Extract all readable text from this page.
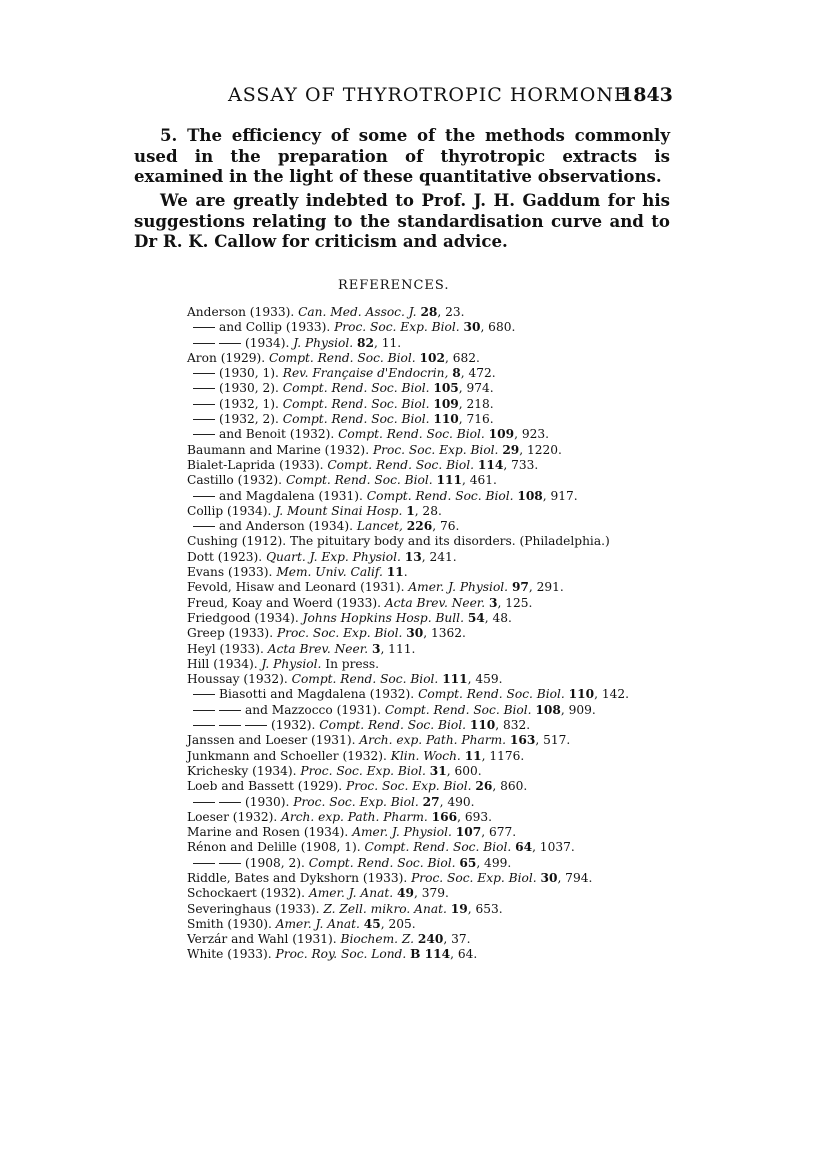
ASSAY OF THYROTROPIC HORMONE
1843

5. The efficiency of some of the methods commonly used in the preparation of thyrotropic extracts is examined in the light of these quantitative observations.

We are greatly indebted to Prof. J. H. Gaddum for his suggestions relating to the standardisation curve and to Dr R. K. Callow for criticism and advice.

REFERENCES.
Anderson (1933). Can. Med. Assoc. J. 28, 23.
and Collip (1933). Proc. Soc. Exp. Biol. 30, 680.
(1934). J. Physiol. 82, 11.
Aron (1929). Compt. Rend. Soc. Biol. 102, 682.
(1930, 1). Rev. Française d'Endocrin, 8, 472.
(1930, 2). Compt. Rend. Soc. Biol. 105, 974.
(1932, 1). Compt. Rend. Soc. Biol. 109, 218.
(1932, 2). Compt. Rend. Soc. Biol. 110, 716.
and Benoit (1932). Compt. Rend. Soc. Biol. 109, 923.
Baumann and Marine (1932). Proc. Soc. Exp. Biol. 29, 1220.
Bialet-Laprida (1933). Compt. Rend. Soc. Biol. 114, 733.
Castillo (1932). Compt. Rend. Soc. Biol. 111, 461.
and Magdalena (1931). Compt. Rend. Soc. Biol. 108, 917.
Collip (1934). J. Mount Sinai Hosp. 1, 28.
and Anderson (1934). Lancet, 226, 76.
Cushing (1912). The pituitary body and its disorders. (Philadelphia.)
Dott (1923). Quart. J. Exp. Physiol. 13, 241.
Evans (1933). Mem. Univ. Calif. 11.
Fevold, Hisaw and Leonard (1931). Amer. J. Physiol. 97, 291.
Freud, Koay and Woerd (1933). Acta Brev. Neer. 3, 125.
Friedgood (1934). Johns Hopkins Hosp. Bull. 54, 48.
Greep (1933). Proc. Soc. Exp. Biol. 30, 1362.
Heyl (1933). Acta Brev. Neer. 3, 111.
Hill (1934). J. Physiol. In press.
Houssay (1932). Compt. Rend. Soc. Biol. 111, 459.
Biasotti and Magdalena (1932). Compt. Rend. Soc. Biol. 110, 142.
and Mazzocco (1931). Compt. Rend. Soc. Biol. 108, 909.
(1932). Compt. Rend. Soc. Biol. 110, 832.
Janssen and Loeser (1931). Arch. exp. Path. Pharm. 163, 517.
Junkmann and Schoeller (1932). Klin. Woch. 11, 1176.
Krichesky (1934). Proc. Soc. Exp. Biol. 31, 600.
Loeb and Bassett (1929). Proc. Soc. Exp. Biol. 26, 860.
(1930). Proc. Soc. Exp. Biol. 27, 490.
Loeser (1932). Arch. exp. Path. Pharm. 166, 693.
Marine and Rosen (1934). Amer. J. Physiol. 107, 677.
Rénon and Delille (1908, 1). Compt. Rend. Soc. Biol. 64, 1037.
(1908, 2). Compt. Rend. Soc. Biol. 65, 499.
Riddle, Bates and Dykshorn (1933). Proc. Soc. Exp. Biol. 30, 794.
Schockaert (1932). Amer. J. Anat. 49, 379.
Severinghaus (1933). Z. Zell. mikro. Anat. 19, 653.
Smith (1930). Amer. J. Anat. 45, 205.
Verzár and Wahl (1931). Biochem. Z. 240, 37.
White (1933). Proc. Roy. Soc. Lond. B 114, 64.
